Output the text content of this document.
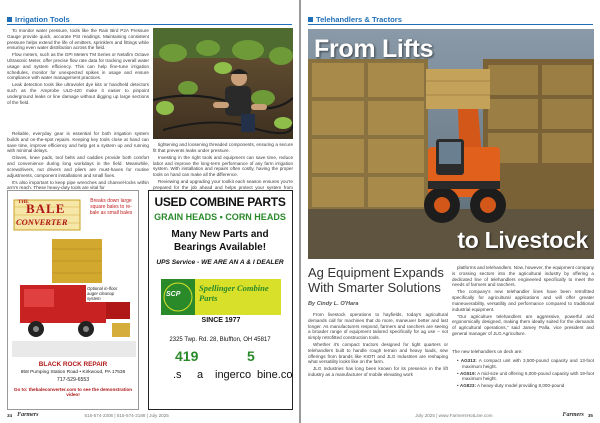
Irrigation Tools

To monitor water pressure, tools like the Rain Bird P2A Pressure Gauge provide quick, accurate PSI readings. Maintaining consistent pressure helps extend the life of emitters, sprinklers and fittings while ensuring even water distribution across the field.

Flow meters, such as the GPI Meters TM Series or Netafim Octave Ultrasonic Meter, offer precise flow rate data for tracking overall water usage and system efficiency. This can help fine-tune irrigation schedules, monitor for unexpected spikes in usage and ensure compliance with water management practices.

Leak detection tools like ultraviolet dye kits or handheld detectors such as the Amprobe ULD-420 make it easier to pinpoint underground leaks or line damage without digging up large sections of the field.

Reliable, everyday gear is essential for both irrigation system builds and on-the-spot repairs. Keeping key tools close at hand can save time, improve efficiency and help get a system up and running with minimal delays.

Gloves, knee pads, tool belts and caddies provide both comfort and convenience during long workdays in the field. Meanwhile, screwdrivers, nut drivers and pliers are must-haves for routine adjustments, component installations and small fixes.

It's also important to keep pipe wrenches and channel-locks within arm's reach. These heavy-duty tools are vital for

tightening and loosening threaded components, ensuring a secure fit that prevents leaks under pressure.

Investing in the right tools and equipment can save time, reduce labor and improve the long-term performance of any farm irrigation system. With installation and repairs often costly, having the proper tools on hand can make all the difference.

Reviewing and upgrading your toolkit each season ensures you're prepared for the job ahead and helps protect your system from

THE
BALE
CONVERTER
Breaks down large square bales to re-bale as small bales
Optional in-floor auger cleanup system
BLACK ROCK REPAIR
858 Pumping Station Road • Kirkwood, PA 17536
717-529-6553
Go to: thebaleconverter.com to see the demonstration video!
USED COMBINE PARTS
GRAIN HEADS • CORN HEADS
Many New Parts and
Bearings Available!
UPS Service - WE ARE AN A & I DEALER
SCP
Spellinger Combine Parts
SINCE 1977
2325 Twp. Rd. 28, Bluffton, OH 45817
419	5
.s a ingerco bine.co
34 Farmers	515-574-2306 | 515-574-2188 | July 2025
Telehandlers & Tractors
From Lifts
to Livestock
Ag Equipment Expands With Smarter Solutions
By Cindy L. O'Hara

From livestock operations to hayfields, today's agricultural demands call for machines that do more, maneuver better and last longer. As manufacturers respond, farmers and ranchers are seeing a broader range of equipment tailored specifically for ag use – not simply retrofitted construction tools.

Whether it's compact tractors designed for tight quarters or telehandlers built to handle rough terrain and heavy loads, new offerings from brands like KIOTI and JLG Industries are reshaping what versatility looks like on the farm.

JLG Industries has long been known for its presence in the lift industry as a manufacturer of mobile elevating work

platforms and telehandlers. Now, however, the equipment company is crossing sectors into the agricultural industry by offering a dedicated line of telehandlers engineered specifically to meet the needs of farmers and ranchers.

The company's new telehandler lines have been retrofitted specifically for agricultural applications and will offer greater maneuverability, versatility and performance compared to traditional industrial equipment.

"Our agriculture telehandlers are aggressive, powerful and ergonomically designed, making them ideally suited for the demands of agricultural operations," said Jamey Palla, vice president and general manager of JLG Agriculture.

The new telehandlers on deck are:

• AG313: A compact unit with 3,500-pound capacity and 13-foot maximum height.

• AG519: A mid-size unit offering 5,000-pound capacity with 19-foot maximum height.

• AG823: A heavy-duty model providing 8,000-pound

July 2025 | www.FarmersHotLine.com	Farmers 35
